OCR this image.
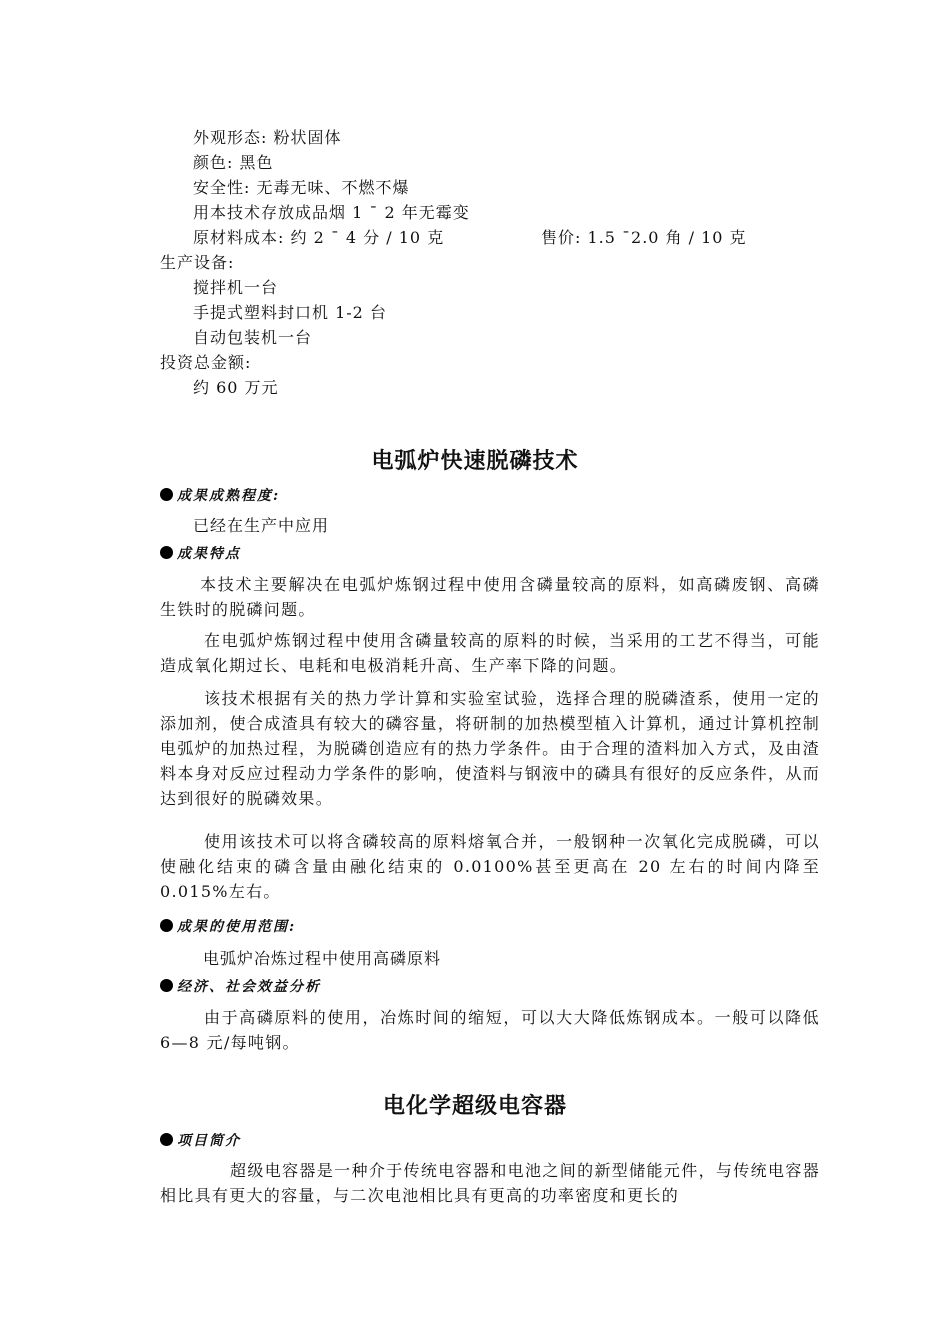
外观形态: 粉状固体
颜色: 黑色
安全性: 无毒无味、不燃不爆
用本技术存放成品烟 1 ¯ 2 年无霉变
原材料成本: 约 2 ¯ 4 分 / 10 克	售价: 1.5 ¯2.0 角 / 10 克
生产设备:
搅拌机一台
手提式塑料封口机 1-2 台
自动包装机一台
投资总金额:
约 60 万元
电弧炉快速脱磷技术
成果成熟程度:
已经在生产中应用
成果特点
本技术主要解决在电弧炉炼钢过程中使用含磷量较高的原料，如高磷废钢、高磷生铁时的脱磷问题。
在电弧炉炼钢过程中使用含磷量较高的原料的时候，当采用的工艺不得当，可能造成氧化期过长、电耗和电极消耗升高、生产率下降的问题。
该技术根据有关的热力学计算和实验室试验，选择合理的脱磷渣系，使用一定的添加剂，使合成渣具有较大的磷容量，将研制的加热模型植入计算机，通过计算机控制电弧炉的加热过程，为脱磷创造应有的热力学条件。由于合理的渣料加入方式，及由渣料本身对反应过程动力学条件的影响，使渣料与钢液中的磷具有很好的反应条件，从而达到很好的脱磷效果。
使用该技术可以将含磷较高的原料熔氧合并，一般钢种一次氧化完成脱磷，可以使融化结束的磷含量由融化结束的 0.0100%甚至更高在 20 左右的时间内降至 0.015%左右。
成果的使用范围:
电弧炉冶炼过程中使用高磷原料
经济、社会效益分析
由于高磷原料的使用，冶炼时间的缩短，可以大大降低炼钢成本。一般可以降低 6—8 元/每吨钢。
电化学超级电容器
项目简介
超级电容器是一种介于传统电容器和电池之间的新型储能元件，与传统电容器相比具有更大的容量，与二次电池相比具有更高的功率密度和更长的
